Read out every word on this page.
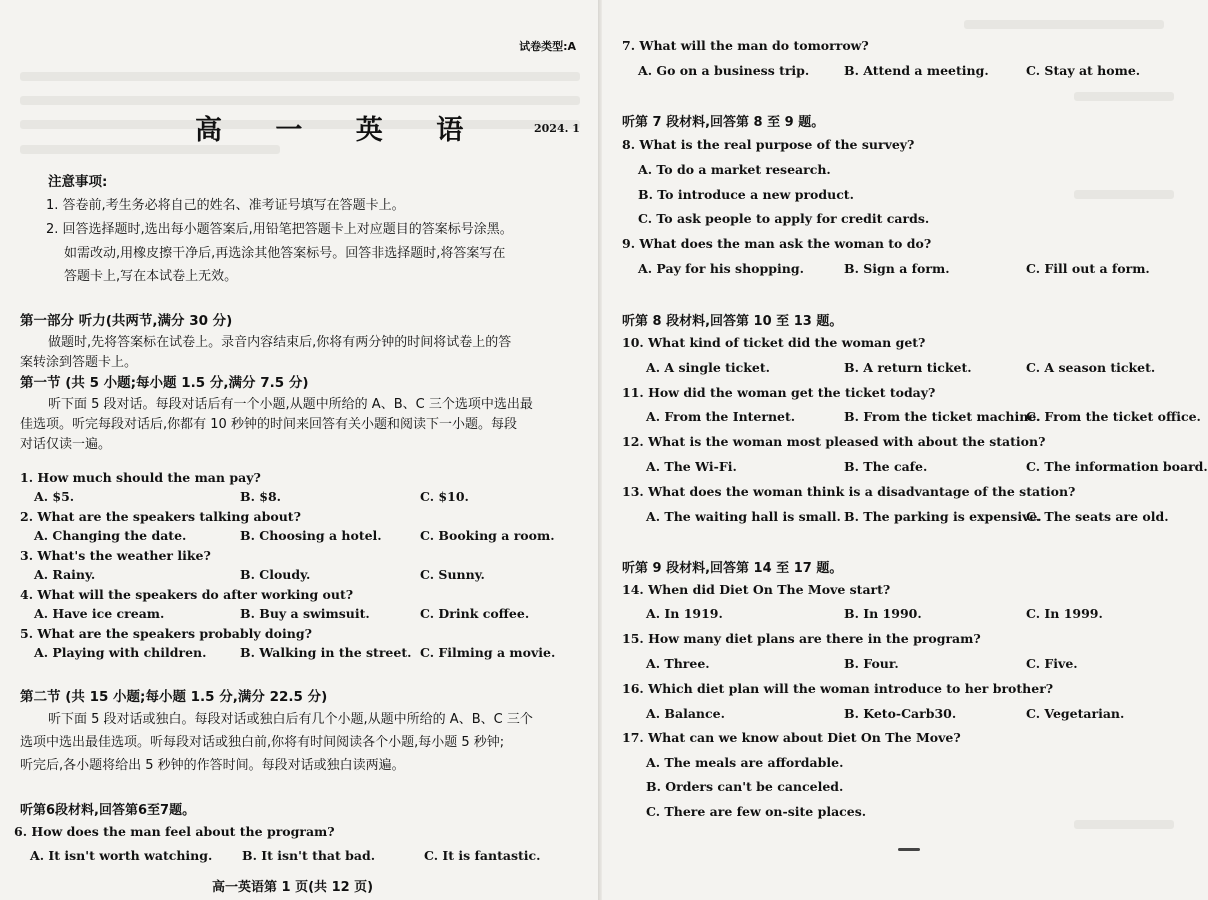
试卷类型:A
高 一 英 语	2024. 1
注意事项:
1. 答卷前,考生务必将自己的姓名、准考证号填写在答题卡上。
2. 回答选择题时,选出每小题答案后,用铅笔把答题卡上对应题目的答案标号涂黑。
如需改动,用橡皮擦干净后,再选涂其他答案标号。回答非选择题时,将答案写在
答题卡上,写在本试卷上无效。
第一部分 听力(共两节,满分 30 分)
做题时,先将答案标在试卷上。录音内容结束后,你将有两分钟的时间将试卷上的答
案转涂到答题卡上。
第一节 (共 5 小题;每小题 1.5 分,满分 7.5 分)
听下面 5 段对话。每段对话后有一个小题,从题中所给的 A、B、C 三个选项中选出最
佳选项。听完每段对话后,你都有 10 秒钟的时间来回答有关小题和阅读下一小题。每段
对话仅读一遍。
1. How much should the man pay?
A. $5.	B. $8.	C. $10.
2. What are the speakers talking about?
A. Changing the date.	B. Choosing a hotel.	C. Booking a room.
3. What's the weather like?
A. Rainy.	B. Cloudy.	C. Sunny.
4. What will the speakers do after working out?
A. Have ice cream.	B. Buy a swimsuit.	C. Drink coffee.
5. What are the speakers probably doing?
A. Playing with children.	B. Walking in the street. C. Filming a movie.
第二节 (共 15 小题;每小题 1.5 分,满分 22.5 分)
听下面 5 段对话或独白。每段对话或独白后有几个小题,从题中所给的 A、B、C 三个
选项中选出最佳选项。听每段对话或独白前,你将有时间阅读各个小题,每小题 5 秒钟;
听完后,各小题将给出 5 秒钟的作答时间。每段对话或独白读两遍。
听第6段材料,回答第6至7题。
6. How does the man feel about the program?
A. It isn't worth watching. B. It isn't that bad.	C. It is fantastic.
高一英语第 1 页(共 12 页)
7. What will the man do tomorrow?
A. Go on a business trip.	B. Attend a meeting.	C. Stay at home.
听第 7 段材料,回答第 8 至 9 题。
8. What is the real purpose of the survey?
A. To do a market research.
B. To introduce a new product.
C. To ask people to apply for credit cards.
9. What does the man ask the woman to do?
A. Pay for his shopping.	B. Sign a form.	C. Fill out a form.
听第 8 段材料,回答第 10 至 13 题。
10. What kind of ticket did the woman get?
A. A single ticket.	B. A return ticket.	C. A season ticket.
11. How did the woman get the ticket today?
A. From the Internet.	B. From the ticket machine.
C. From the ticket office.
12. What is the woman most pleased with about the station?
A. The Wi-Fi.	B. The cafe.	C. The information board.
13. What does the woman think is a disadvantage of the station?
A. The waiting hall is small. B. The parking is expensive.
C. The seats are old.
听第 9 段材料,回答第 14 至 17 题。
14. When did Diet On The Move start?
A. In 1919.	B. In 1990.	C. In 1999.
15. How many diet plans are there in the program?
A. Three.	B. Four.	C. Five.
16. Which diet plan will the woman introduce to her brother?
A. Balance.	B. Keto-Carb30.	C. Vegetarian.
17. What can we know about Diet On The Move?
A. The meals are affordable.
B. Orders can't be canceled.
C. There are few on-site places.
